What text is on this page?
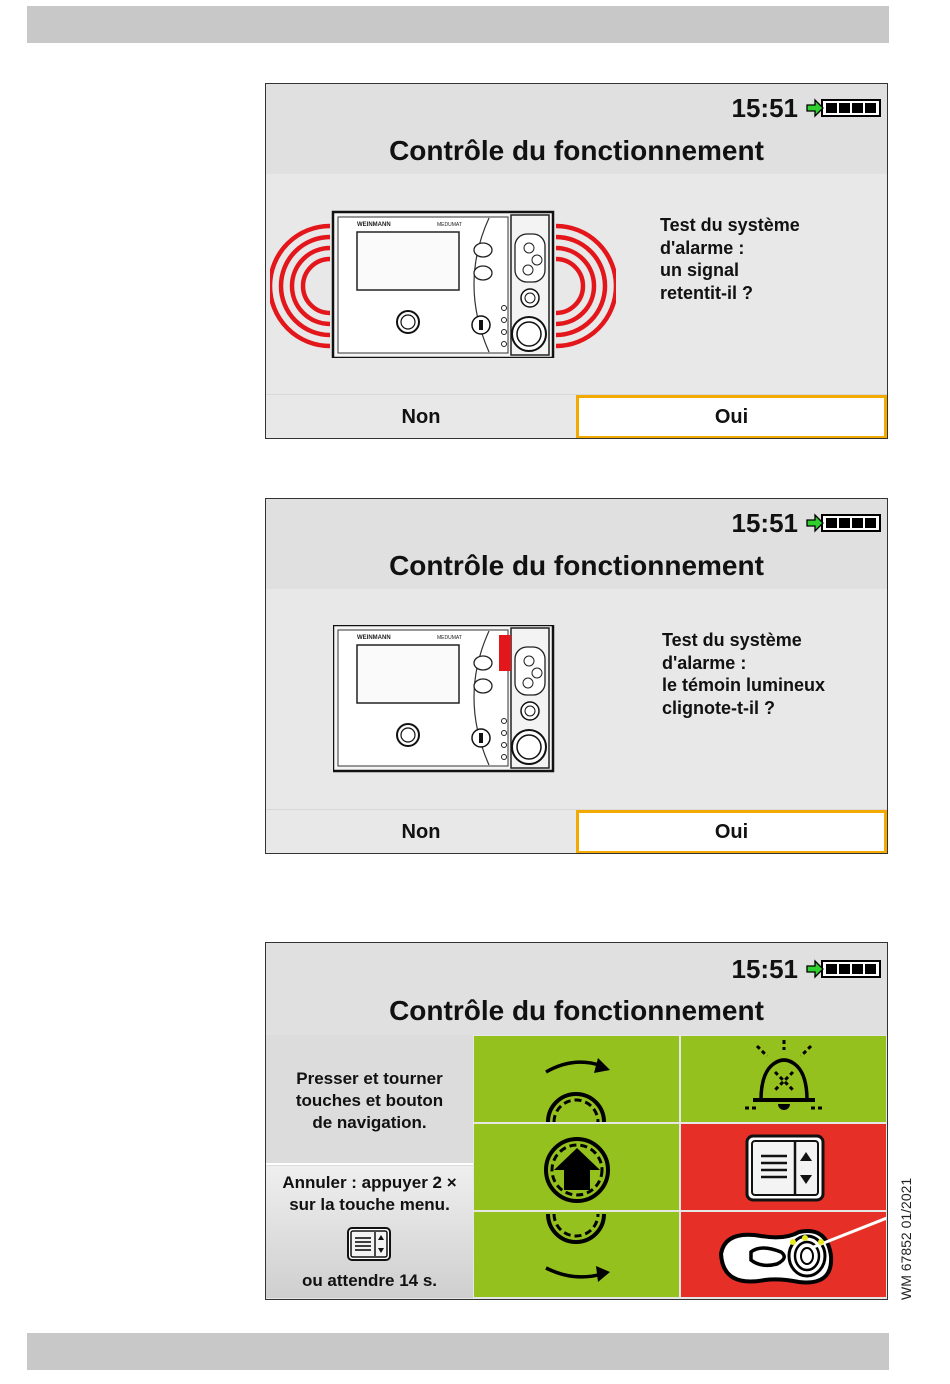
15:51
Contrôle du fonctionnement
Test du système
d'alarme :
un signal
retentit-il ?
Non	Oui
15:51
Contrôle du fonctionnement
Test du système
d'alarme :
le témoin lumineux
clignote-t-il ?
Non	Oui
15:51
Contrôle du fonctionnement
Presser et tourner
touches et bouton
de navigation.
Annuler : appuyer 2 ×
sur la touche menu.
ou attendre 14 s.	WM 67852 01/2021
